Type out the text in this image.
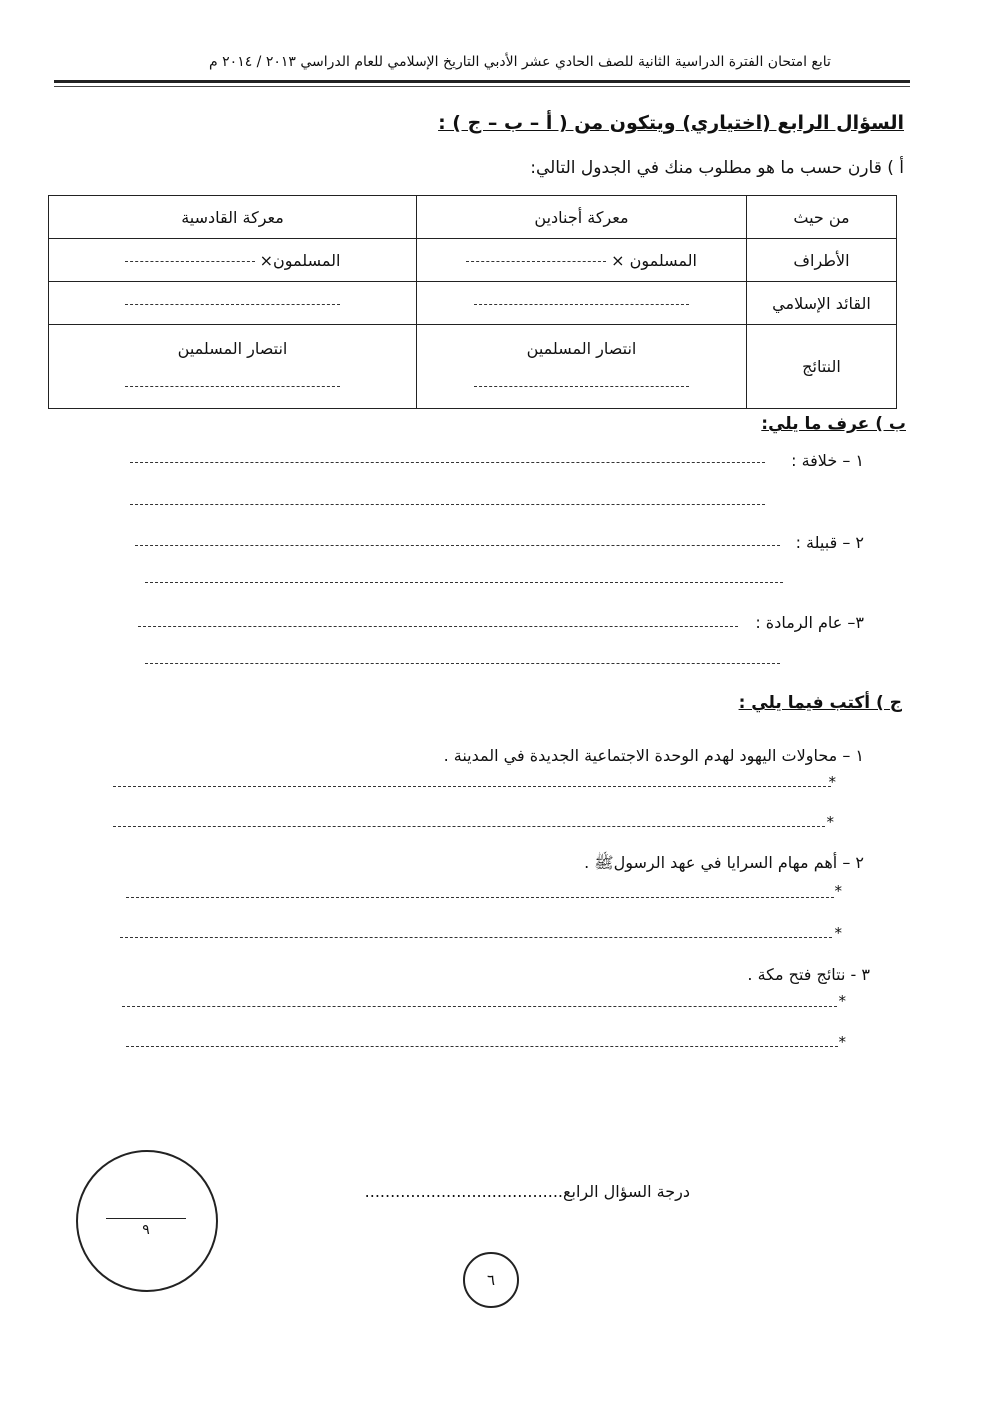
تابع امتحان الفترة الدراسية الثانية للصف الحادي عشر الأدبي التاريخ الإسلامي للعام الدراسي ٢٠١٣ / ٢٠١٤ م
السؤال الرابع (اختياري) ويتكون من ( أ – ب – ج ) :
أ ) قارن حسب ما هو مطلوب منك في الجدول التالي:
من حيث	معركة أجنادين	معركة القادسية
الأطراف	المسلمون ×	المسلمون×
القائد الإسلامي		
النتائج	انتصار المسلمين	انتصار المسلمين
ب ) عرف ما يلي:
١ – خلافة :
٢ – قبيلة :
٣– عام الرمادة :
ج ) أكتب فيما يلي :
١ – محاولات اليهود لهدم الوحدة الاجتماعية الجديدة في المدينة .
*
*
٢ – أهم مهام السرايا في عهد الرسولﷺ .
*
*
٣ - نتائج فتح مكة .
*
*
درجة السؤال الرابع.......................................
٩
٦
